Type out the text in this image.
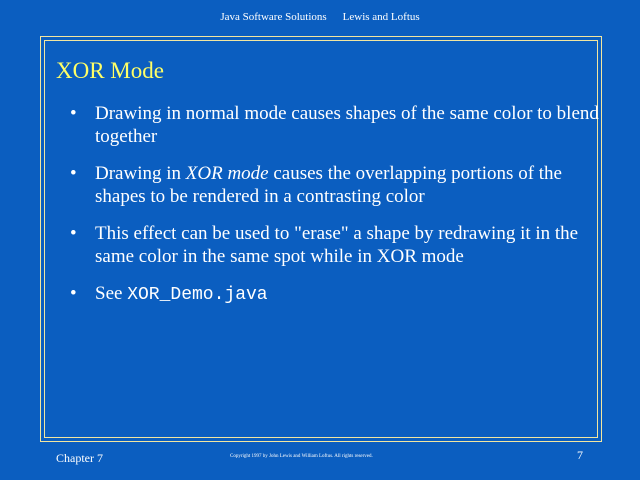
Java Software Solutions Lewis and Loftus
XOR Mode
• Drawing in normal mode causes shapes of the same color to blend together
• Drawing in XOR mode causes the overlapping portions of the shapes to be rendered in a contrasting color
• This effect can be used to "erase" a shape by redrawing it in the same color in the same spot while in XOR mode
• See XOR_Demo.java
Chapter 7	Copyright 1997 by John Lewis and William Loftus. All rights reserved.	7
